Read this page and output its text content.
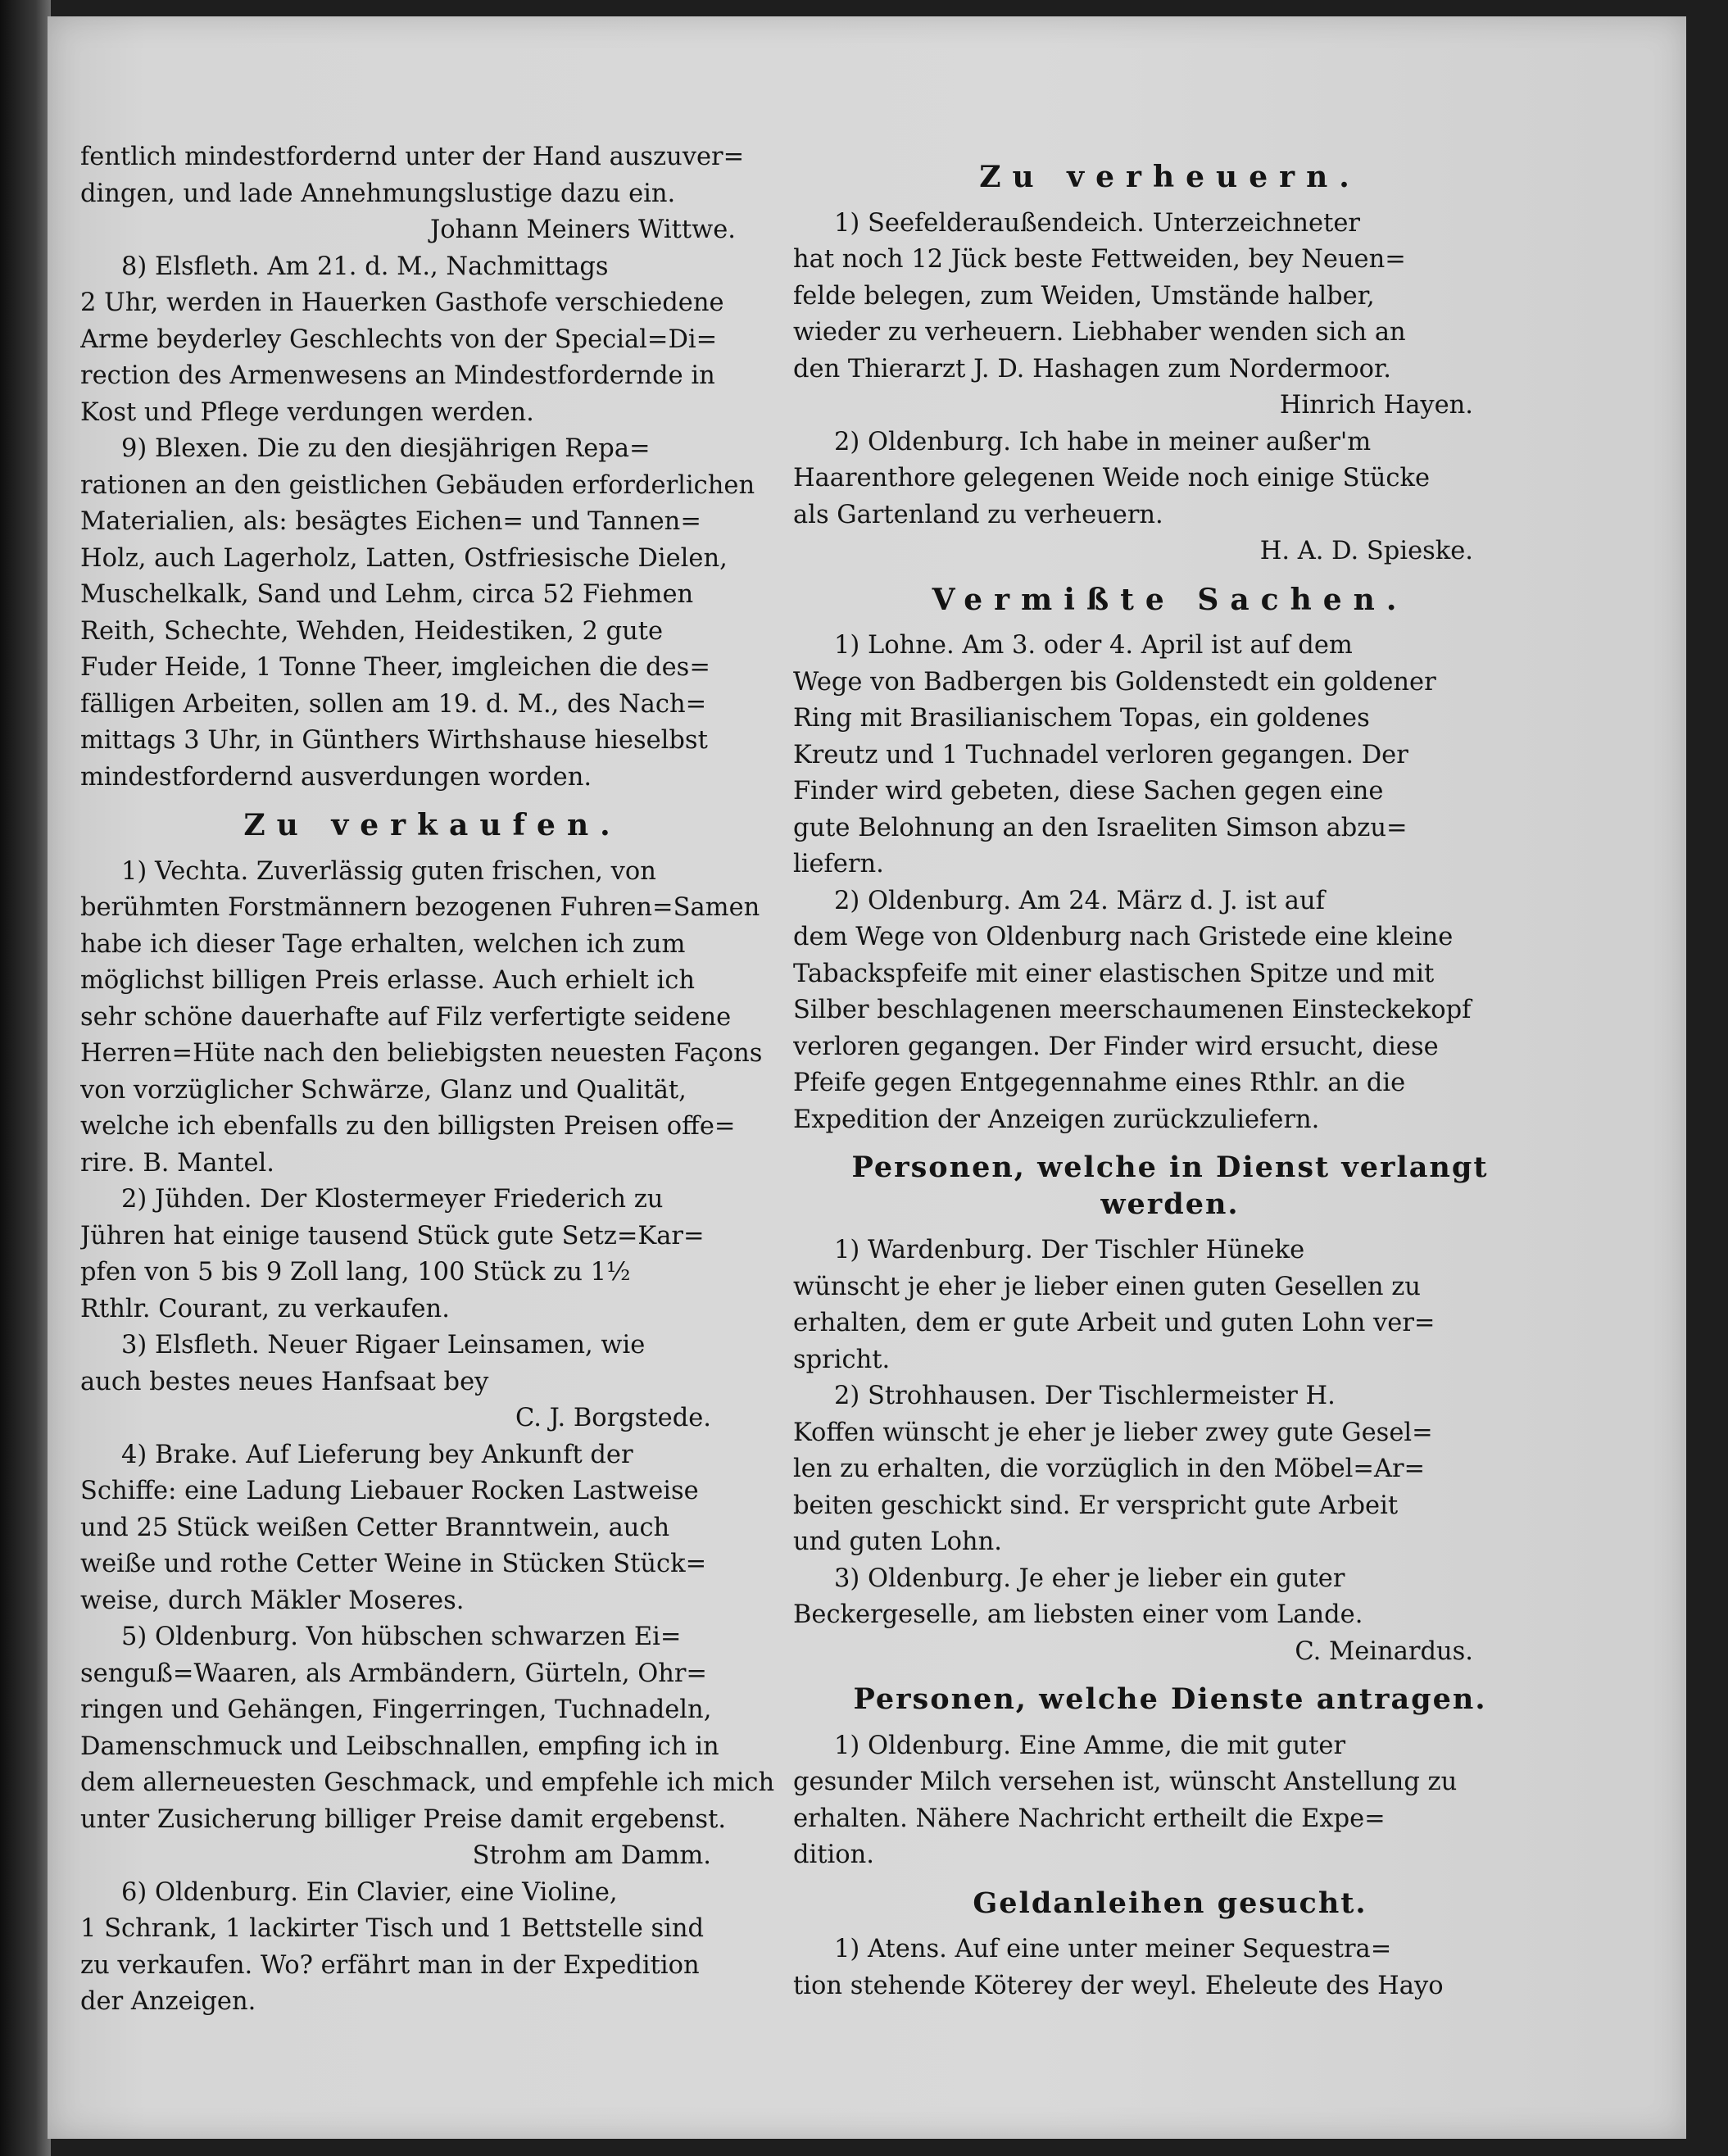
fentlich mindestfordernd unter der Hand auszuver=
dingen, und lade Annehmungslustige dazu ein.
Johann Meiners Wittwe.
8) Elsfleth. Am 21. d. M., Nachmittags
2 Uhr, werden in Hauerken Gasthofe verschiedene
Arme beyderley Geschlechts von der Special=Di=
rection des Armenwesens an Mindestfordernde in
Kost und Pflege verdungen werden.
9) Blexen. Die zu den diesjährigen Repa=
rationen an den geistlichen Gebäuden erforderlichen
Materialien, als: besägtes Eichen= und Tannen=
Holz, auch Lagerholz, Latten, Ostfriesische Dielen,
Muschelkalk, Sand und Lehm, circa 52 Fiehmen
Reith, Schechte, Wehden, Heidestiken, 2 gute
Fuder Heide, 1 Tonne Theer, imgleichen die des=
fälligen Arbeiten, sollen am 19. d. M., des Nach=
mittags 3 Uhr, in Günthers Wirthshause hieselbst
mindestfordernd ausverdungen worden.
Zu verkaufen.
1) Vechta. Zuverlässig guten frischen, von
berühmten Forstmännern bezogenen Fuhren=Samen
habe ich dieser Tage erhalten, welchen ich zum
möglichst billigen Preis erlasse. Auch erhielt ich
sehr schöne dauerhafte auf Filz verfertigte seidene
Herren=Hüte nach den beliebigsten neuesten Façons
von vorzüglicher Schwärze, Glanz und Qualität,
welche ich ebenfalls zu den billigsten Preisen offe=
rire. B. Mantel.
2) Jühden. Der Klostermeyer Friederich zu
Jühren hat einige tausend Stück gute Setz=Kar=
pfen von 5 bis 9 Zoll lang, 100 Stück zu 1½
Rthlr. Courant, zu verkaufen.
3) Elsfleth. Neuer Rigaer Leinsamen, wie
auch bestes neues Hanfsaat bey
C. J. Borgstede.
4) Brake. Auf Lieferung bey Ankunft der
Schiffe: eine Ladung Liebauer Rocken Lastweise
und 25 Stück weißen Cetter Branntwein, auch
weiße und rothe Cetter Weine in Stücken Stück=
weise, durch Mäkler Moseres.
5) Oldenburg. Von hübschen schwarzen Ei=
senguß=Waaren, als Armbändern, Gürteln, Ohr=
ringen und Gehängen, Fingerringen, Tuchnadeln,
Damenschmuck und Leibschnallen, empfing ich in
dem allerneuesten Geschmack, und empfehle ich mich
unter Zusicherung billiger Preise damit ergebenst.
Strohm am Damm.
6) Oldenburg. Ein Clavier, eine Violine,
1 Schrank, 1 lackirter Tisch und 1 Bettstelle sind
zu verkaufen. Wo? erfährt man in der Expedition
der Anzeigen.
Zu verheuern.
1) Seefelderaußendeich. Unterzeichneter
hat noch 12 Jück beste Fettweiden, bey Neuen=
felde belegen, zum Weiden, Umstände halber,
wieder zu verheuern. Liebhaber wenden sich an
den Thierarzt J. D. Hashagen zum Nordermoor.
Hinrich Hayen.
2) Oldenburg. Ich habe in meiner außer'm
Haarenthore gelegenen Weide noch einige Stücke
als Gartenland zu verheuern.
H. A. D. Spieske.
Vermißte Sachen.
1) Lohne. Am 3. oder 4. April ist auf dem
Wege von Badbergen bis Goldenstedt ein goldener
Ring mit Brasilianischem Topas, ein goldenes
Kreutz und 1 Tuchnadel verloren gegangen. Der
Finder wird gebeten, diese Sachen gegen eine
gute Belohnung an den Israeliten Simson abzu=
liefern.
2) Oldenburg. Am 24. März d. J. ist auf
dem Wege von Oldenburg nach Gristede eine kleine
Tabackspfeife mit einer elastischen Spitze und mit
Silber beschlagenen meerschaumenen Einsteckekopf
verloren gegangen. Der Finder wird ersucht, diese
Pfeife gegen Entgegennahme eines Rthlr. an die
Expedition der Anzeigen zurückzuliefern.
Personen, welche in Dienst verlangt werden.
1) Wardenburg. Der Tischler Hüneke
wünscht je eher je lieber einen guten Gesellen zu
erhalten, dem er gute Arbeit und guten Lohn ver=
spricht.
2) Strohhausen. Der Tischlermeister H.
Koffen wünscht je eher je lieber zwey gute Gesel=
len zu erhalten, die vorzüglich in den Möbel=Ar=
beiten geschickt sind. Er verspricht gute Arbeit
und guten Lohn.
3) Oldenburg. Je eher je lieber ein guter
Beckergeselle, am liebsten einer vom Lande.
C. Meinardus.
Personen, welche Dienste antragen.
1) Oldenburg. Eine Amme, die mit guter
gesunder Milch versehen ist, wünscht Anstellung zu
erhalten. Nähere Nachricht ertheilt die Expe=
dition.
Geldanleihen gesucht.
1) Atens. Auf eine unter meiner Sequestra=
tion stehende Köterey der weyl. Eheleute des Hayo
